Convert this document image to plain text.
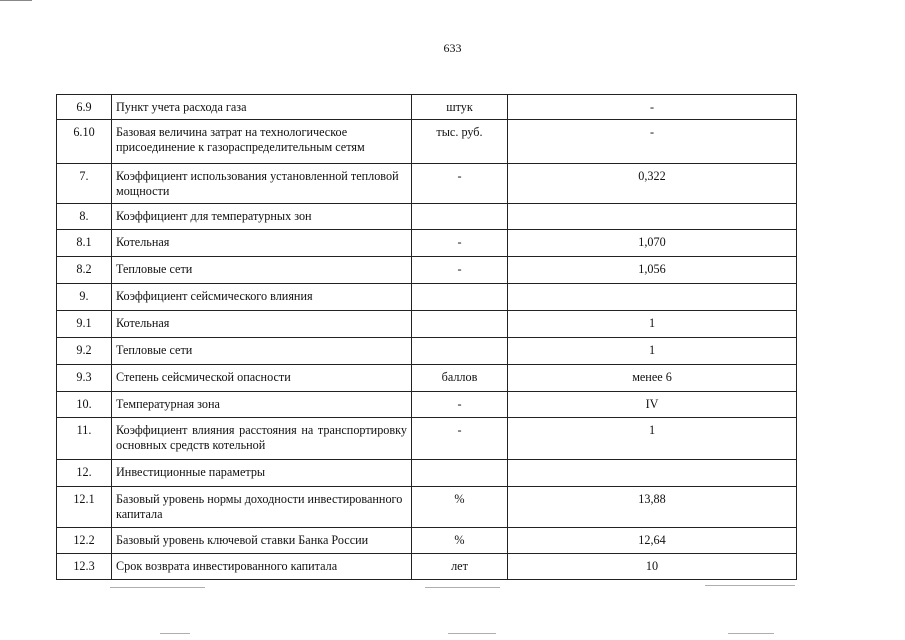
633
6.9	Пункт учета расхода газа	штук	-
6.10	Базовая величина затрат на технологическое присоединение к газораспределительным сетям	тыс. руб.	-
7.	Коэффициент использования установленной тепловой мощности	-	0,322
8.	Коэффициент для температурных зон		
8.1	Котельная	-	1,070
8.2	Тепловые сети	-	1,056
9.	Коэффициент сейсмического влияния		
9.1	Котельная		1
9.2	Тепловые сети		1
9.3	Степень сейсмической опасности	баллов	менее 6
10.	Температурная зона	-	IV
11.	Коэффициент влияния расстояния на транспортировку основных средств котельной	-	1
12.	Инвестиционные параметры		
12.1	Базовый уровень нормы доходности инвестированного капитала	%	13,88
12.2	Базовый уровень ключевой ставки Банка России	%	12,64
12.3	Срок возврата инвестированного капитала	лет	10
